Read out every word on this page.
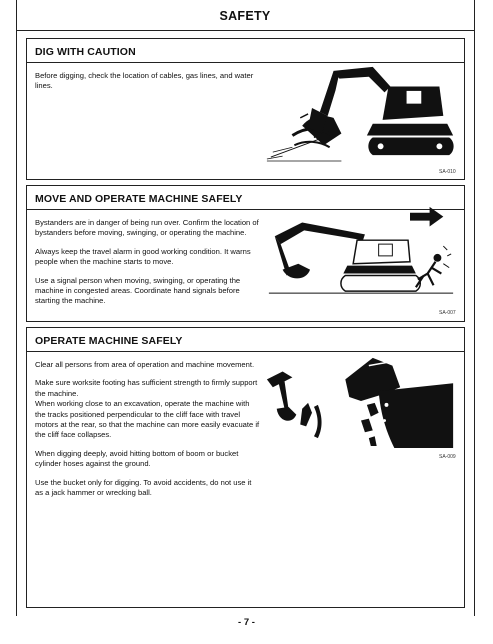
SAFETY
DIG WITH CAUTION

Before digging, check the location of cables, gas lines, and water lines.

SA-010
MOVE AND OPERATE MACHINE SAFELY

Bystanders are in danger of being run over. Confirm the location of bystanders before moving, swinging, or operating the machine.

Always keep the travel alarm in good working condition. It warns people when the machine starts to move.

Use a signal person when moving, swinging, or operating the machine in congested areas. Coordinate hand signals before starting the machine.

SA-007
OPERATE MACHINE SAFELY

Clear all persons from area of operation and machine movement.

Make sure worksite footing has sufficient strength to firmly support the machine.

When working close to an excavation, operate the machine with the tracks positioned perpendicular to the cliff face with travel motors at the rear, so that the machine can more easily evacuate if the cliff face collapses.

When digging deeply, avoid hitting bottom of boom or bucket cylinder hoses against the ground.

Use the bucket only for digging. To avoid accidents, do not use it as a jack hammer or wrecking ball.

SA-009
- 7 -
